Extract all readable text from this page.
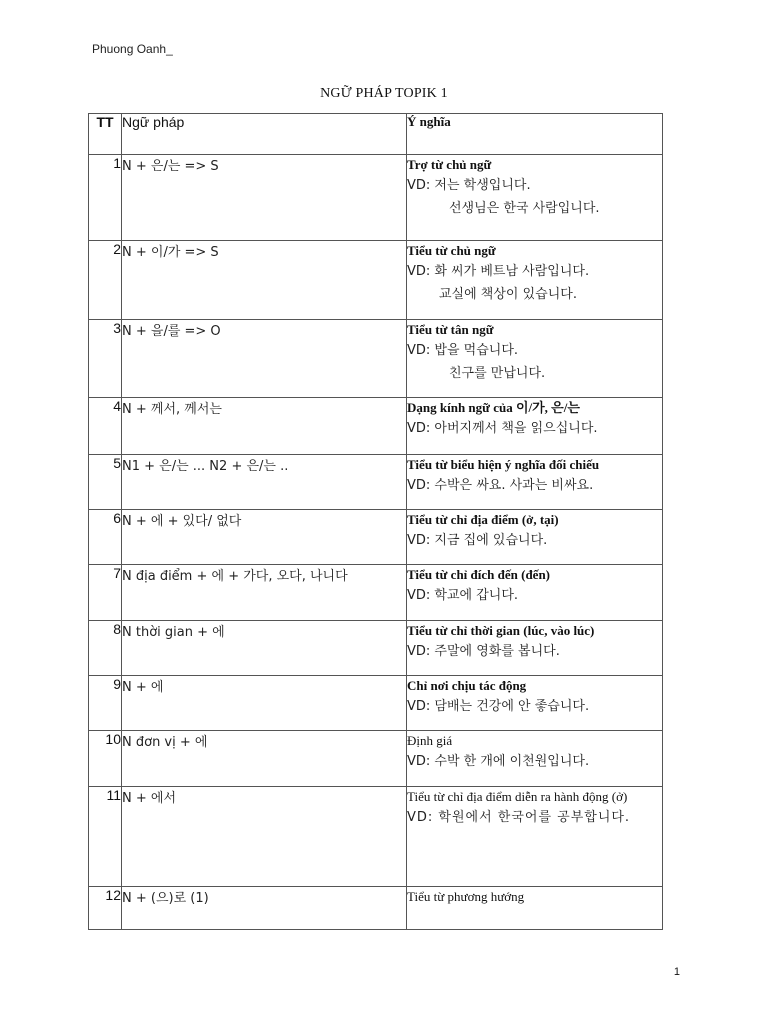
Phuong Oanh_
NGỮ PHÁP TOPIK 1
TT	Ngữ pháp	Ý nghĩa
1	N + 은/는 => S	Trợ từ chủ ngữ
VD: 저는 학생입니다.
선생님은 한국 사람입니다.

2	N + 이/가 => S	Tiểu từ chủ ngữ
VD: 화 씨가 베트남 사람입니다.
교실에 책상이 있습니다.

3	N + 을/를 => O	Tiểu từ tân ngữ
VD: 밥을 먹습니다.
친구를 만납니다.

4	N + 께서, 께서는	Dạng kính ngữ của 이/가, 은/는
VD: 아버지께서 책을 읽으십니다.

5	N1 + 은/는 ... N2 + 은/는 ..	Tiểu từ biểu hiện ý nghĩa đối chiếu
VD: 수박은 싸요. 사과는 비싸요.

6	N + 에 + 있다/ 없다	Tiểu từ chỉ địa điểm (ở, tại)
VD: 지금 집에 있습니다.

7	N địa điểm + 에 + 가다, 오다, 나니다	Tiểu từ chỉ đích đến (đến)
VD: 학교에 갑니다.

8	N thời gian + 에	Tiểu từ chỉ thời gian (lúc, vào lúc)
VD: 주말에 영화를 봅니다.

9	N + 에	Chỉ nơi chịu tác động
VD: 담배는 건강에 안 좋습니다.

10	N đơn vị + 에	Định giá
VD: 수박 한 개에 이천원입니다.

11	N + 에서	Tiểu từ chỉ địa điểm diễn ra hành động (ở)
VD: 학원에서 한국어를 공부합니다.

12	N + (으)로 (1)	Tiểu từ phương hướng
1
